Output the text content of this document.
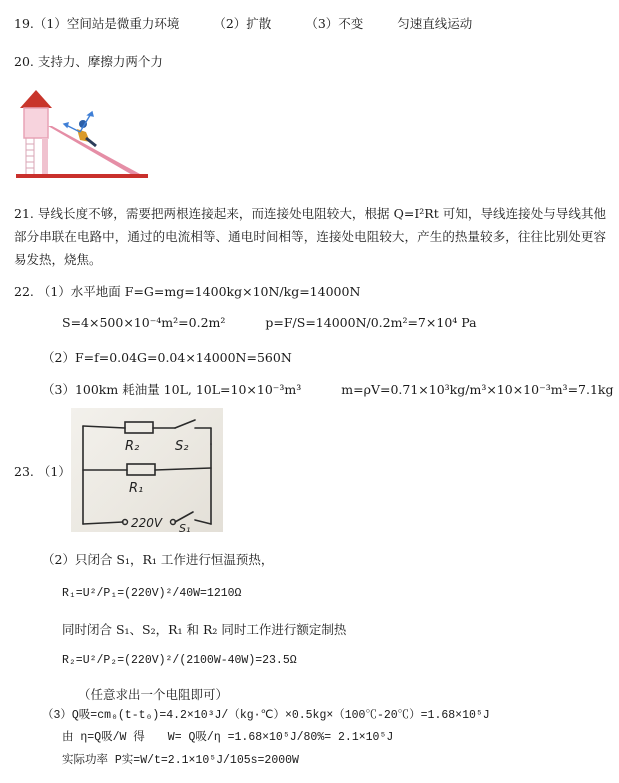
19.（1）空间站是微重力环境	（2）扩散	（3）不变	匀速直线运动
20. 支持力、摩擦力两个力
21. 导线长度不够，需要把两根连接起来，而连接处电阻较大，根据 Q=I²Rt 可知，导线连接处与导线其他部分串联在电路中，通过的电流相等、通电时间相等，连接处电阻较大，产生的热量较多，往往比别处更容易发热，烧焦。
22. （1）水平地面 F=G=mg=1400kg×10N/kg=14000N
S=4×500×10⁻⁴m²=0.2m²	p=F/S=14000N/0.2m²=7×10⁴ Pa
（2）F=f=0.04G=0.04×14000N=560N
（3）100km 耗油量 10L, 10L=10×10⁻³m³	m=ρV=0.71×10³kg/m³×10×10⁻³m³=7.1kg
23. （1）
R₂	S₂
R₁
220V S₁
（2）只闭合 S₁，R₁ 工作进行恒温预热，
R₁=U²/P₁=(220V)²/40W=1210Ω
同时闭合 S₁、S₂，R₁ 和 R₂ 同时工作进行额定制热
R₂=U²/P₂=(220V)²/(2100W-40W)=23.5Ω
（任意求出一个电阻即可）
（3）Q吸=cm₀(t-t₀)=4.2×10³J/（kg·℃）×0.5kg×（100℃-20℃）=1.68×10⁵J
由 η=Q吸/W 得　　W= Q吸/η =1.68×10⁵J/80%= 2.1×10⁵J
实际功率 P实=W/t=2.1×10⁵J/105s=2000W
